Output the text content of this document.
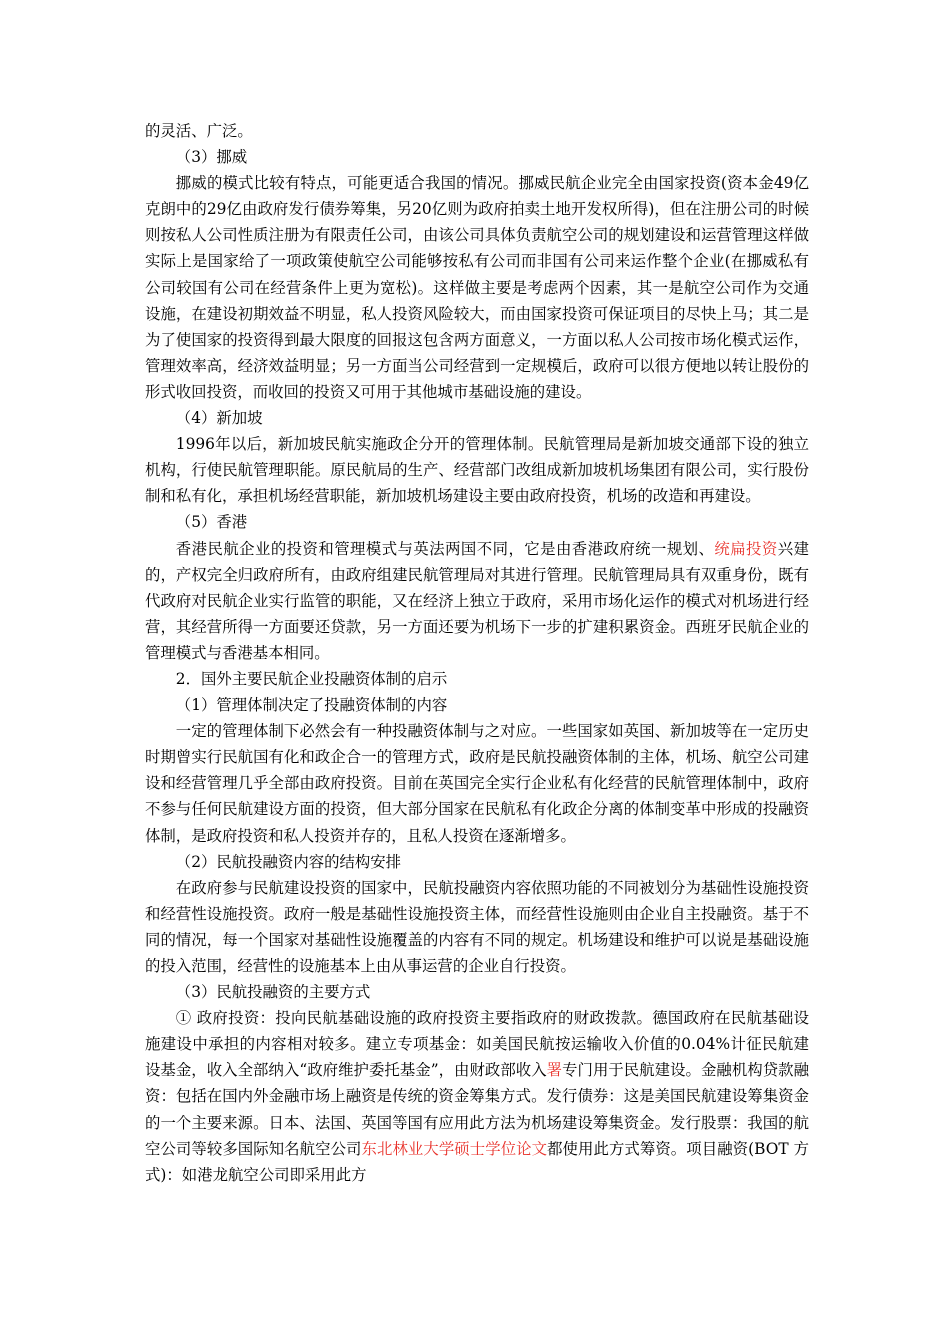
的灵活、广泛。

（3）挪威

挪威的模式比较有特点，可能更适合我国的情况。挪威民航企业完全由国家投资(资本金49亿克朗中的29亿由政府发行债券筹集，另20亿则为政府拍卖土地开发权所得)，但在注册公司的时候则按私人公司性质注册为有限责任公司，由该公司具体负责航空公司的规划建设和运营管理这样做实际上是国家给了一项政策使航空公司能够按私有公司而非国有公司来运作整个企业(在挪威私有公司较国有公司在经营条件上更为宽松)。这样做主要是考虑两个因素，其一是航空公司作为交通设施，在建设初期效益不明显，私人投资风险较大，而由国家投资可保证项目的尽快上马；其二是为了使国家的投资得到最大限度的回报这包含两方面意义，一方面以私人公司按市场化模式运作，管理效率高，经济效益明显；另一方面当公司经营到一定规模后，政府可以很方便地以转让股份的形式收回投资，而收回的投资又可用于其他城市基础设施的建设。

（4）新加坡

1996年以后，新加坡民航实施政企分开的管理体制。民航管理局是新加坡交通部下设的独立机构，行使民航管理职能。原民航局的生产、经营部门改组成新加坡机场集团有限公司，实行股份制和私有化，承担机场经营职能，新加坡机场建设主要由政府投资，机场的改造和再建设。

（5）香港

香港民航企业的投资和管理模式与英法两国不同，它是由香港政府统一规划、统扁投资兴建的，产权完全归政府所有，由政府组建民航管理局对其进行管理。民航管理局具有双重身份，既有代政府对民航企业实行监管的职能，又在经济上独立于政府，采用市场化运作的模式对机场进行经营，其经营所得一方面要还贷款，另一方面还要为机场下一步的扩建积累资金。西班牙民航企业的管理模式与香港基本相同。

2．国外主要民航企业投融资体制的启示

（1）管理体制决定了投融资体制的内容

一定的管理体制下必然会有一种投融资体制与之对应。一些国家如英国、新加坡等在一定历史时期曾实行民航国有化和政企合一的管理方式，政府是民航投融资体制的主体，机场、航空公司建设和经营管理几乎全部由政府投资。目前在英国完全实行企业私有化经营的民航管理体制中，政府不参与任何民航建设方面的投资，但大部分国家在民航私有化政企分离的体制变革中形成的投融资体制，是政府投资和私人投资并存的，且私人投资在逐渐增多。

（2）民航投融资内容的结构安排

在政府参与民航建设投资的国家中，民航投融资内容依照功能的不同被划分为基础性设施投资和经营性设施投资。政府一般是基础性设施投资主体，而经营性设施则由企业自主投融资。基于不同的情况，每一个国家对基础性设施覆盖的内容有不同的规定。机场建设和维护可以说是基础设施的投入范围，经营性的设施基本上由从事运营的企业自行投资。

（3）民航投融资的主要方式

① 政府投资：投向民航基础设施的政府投资主要指政府的财政拨款。德国政府在民航基础设施建设中承担的内容相对较多。建立专项基金：如美国民航按运输收入价值的0.04%计征民航建设基金，收入全部纳入“政府维护委托基金”，由财政部收入署专门用于民航建设。金融机构贷款融资：包括在国内外金融市场上融资是传统的资金筹集方式。发行债券：这是美国民航建设筹集资金的一个主要来源。日本、法国、英国等国有应用此方法为机场建设筹集资金。发行股票：我国的航空公司等较多国际知名航空公司东北林业大学硕士学位论文都使用此方式筹资。项目融资(BOT 方式)：如港龙航空公司即采用此方
